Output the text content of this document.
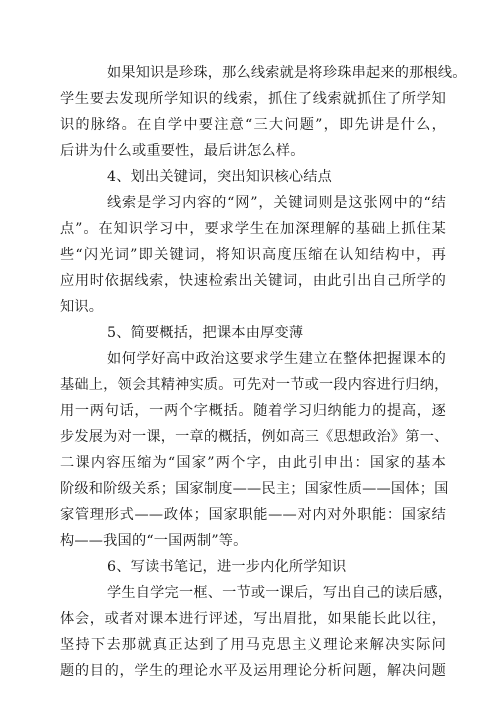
如果知识是珍珠，那么线索就是将珍珠串起来的那根线。
学生要去发现所学知识的线索，抓住了线索就抓住了所学知
识的脉络。在自学中要注意“三大问题”，即先讲是什么，
后讲为什么或重要性，最后讲怎么样。
4、划出关键词，突出知识核心结点
线索是学习内容的“网”，关键词则是这张网中的“结
点”。在知识学习中，要求学生在加深理解的基础上抓住某
些“闪光词”即关键词，将知识高度压缩在认知结构中，再
应用时依据线索，快速检索出关键词，由此引出自己所学的
知识。
5、简要概括，把课本由厚变薄
如何学好高中政治这要求学生建立在整体把握课本的
基础上，领会其精神实质。可先对一节或一段内容进行归纳，
用一两句话，一两个字概括。随着学习归纳能力的提高，逐
步发展为对一课，一章的概括，例如高三《思想政治》第一、
二课内容压缩为“国家”两个字，由此引申出：国家的基本
阶级和阶级关系；国家制度——民主；国家性质——国体；国
家管理形式——政体；国家职能——对内对外职能：国家结
构——我国的“一国两制”等。
6、写读书笔记，进一步内化所学知识
学生自学完一框、一节或一课后，写出自己的读后感，
体会，或者对课本进行评述，写出眉批，如果能长此以往，
坚持下去那就真正达到了用马克思主义理论来解决实际问
题的目的，学生的理论水平及运用理论分析问题，解决问题
